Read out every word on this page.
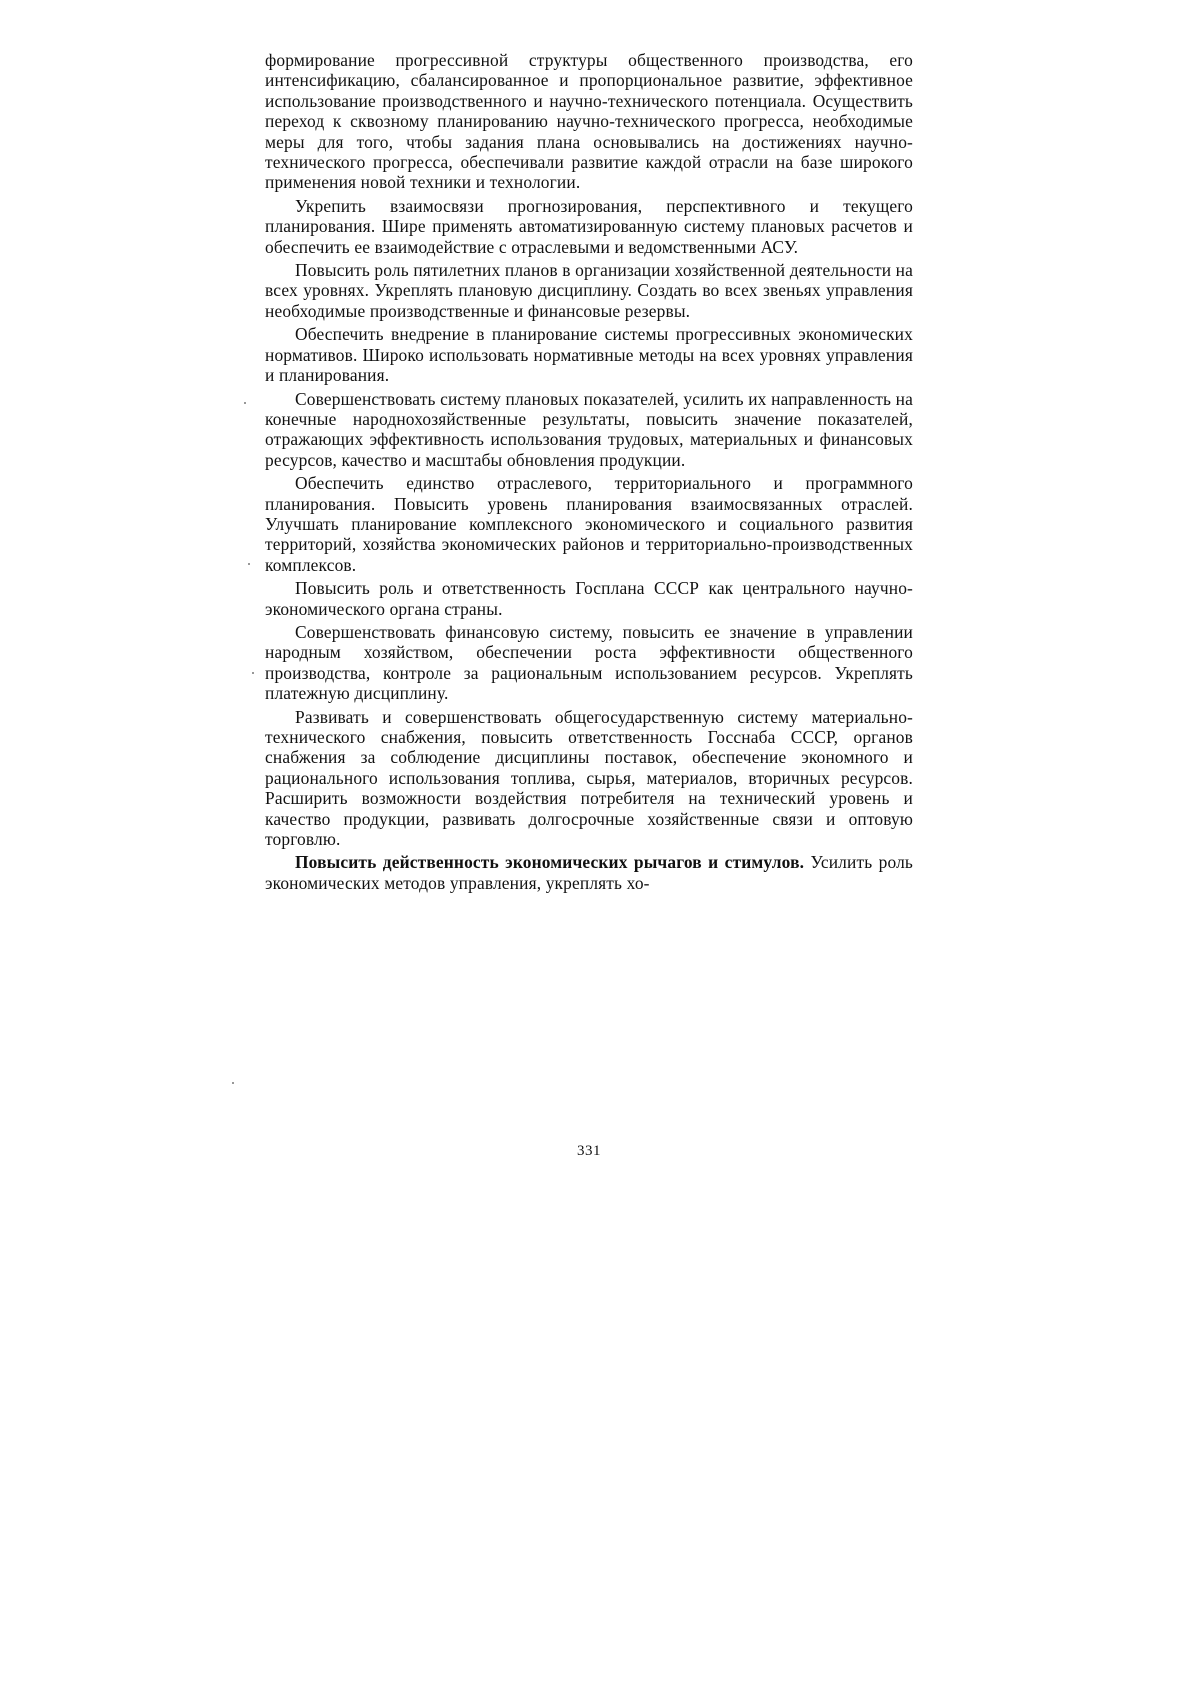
формирование прогрессивной структуры общественного производства, его интенсификацию, сбалансированное и пропорциональное развитие, эффективное использование производственного и научно-технического потенциала. Осуществить переход к сквозному планированию научно-технического прогресса, необходимые меры для того, чтобы задания плана основывались на достижениях научно-технического прогресса, обеспечивали развитие каждой отрасли на базе широкого применения новой техники и технологии.

Укрепить взаимосвязи прогнозирования, перспективного и текущего планирования. Шире применять автоматизированную систему плановых расчетов и обеспечить ее взаимодействие с отраслевыми и ведомственными АСУ.

Повысить роль пятилетних планов в организации хозяйственной деятельности на всех уровнях. Укреплять плановую дисциплину. Создать во всех звеньях управления необходимые производственные и финансовые резервы.

Обеспечить внедрение в планирование системы прогрессивных экономических нормативов. Широко использовать нормативные методы на всех уровнях управления и планирования.

Совершенствовать систему плановых показателей, усилить их направленность на конечные народнохозяйственные результаты, повысить значение показателей, отражающих эффективность использования трудовых, материальных и финансовых ресурсов, качество и масштабы обновления продукции.

Обеспечить единство отраслевого, территориального и программного планирования. Повысить уровень планирования взаимосвязанных отраслей. Улучшать планирование комплексного экономического и социального развития территорий, хозяйства экономических районов и территориально-производственных комплексов.

Повысить роль и ответственность Госплана СССР как центрального научно-экономического органа страны.

Совершенствовать финансовую систему, повысить ее значение в управлении народным хозяйством, обеспечении роста эффективности общественного производства, контроле за рациональным использованием ресурсов. Укреплять платежную дисциплину.

Развивать и совершенствовать общегосударственную систему материально-технического снабжения, повысить ответственность Госснаба СССР, органов снабжения за соблюдение дисциплины поставок, обеспечение экономного и рационального использования топлива, сырья, материалов, вторичных ресурсов. Расширить возможности воздействия потребителя на технический уровень и качество продукции, развивать долгосрочные хозяйственные связи и оптовую торговлю.

Повысить действенность экономических рычагов и стимулов. Усилить роль экономических методов управления, укреплять хо-

331
